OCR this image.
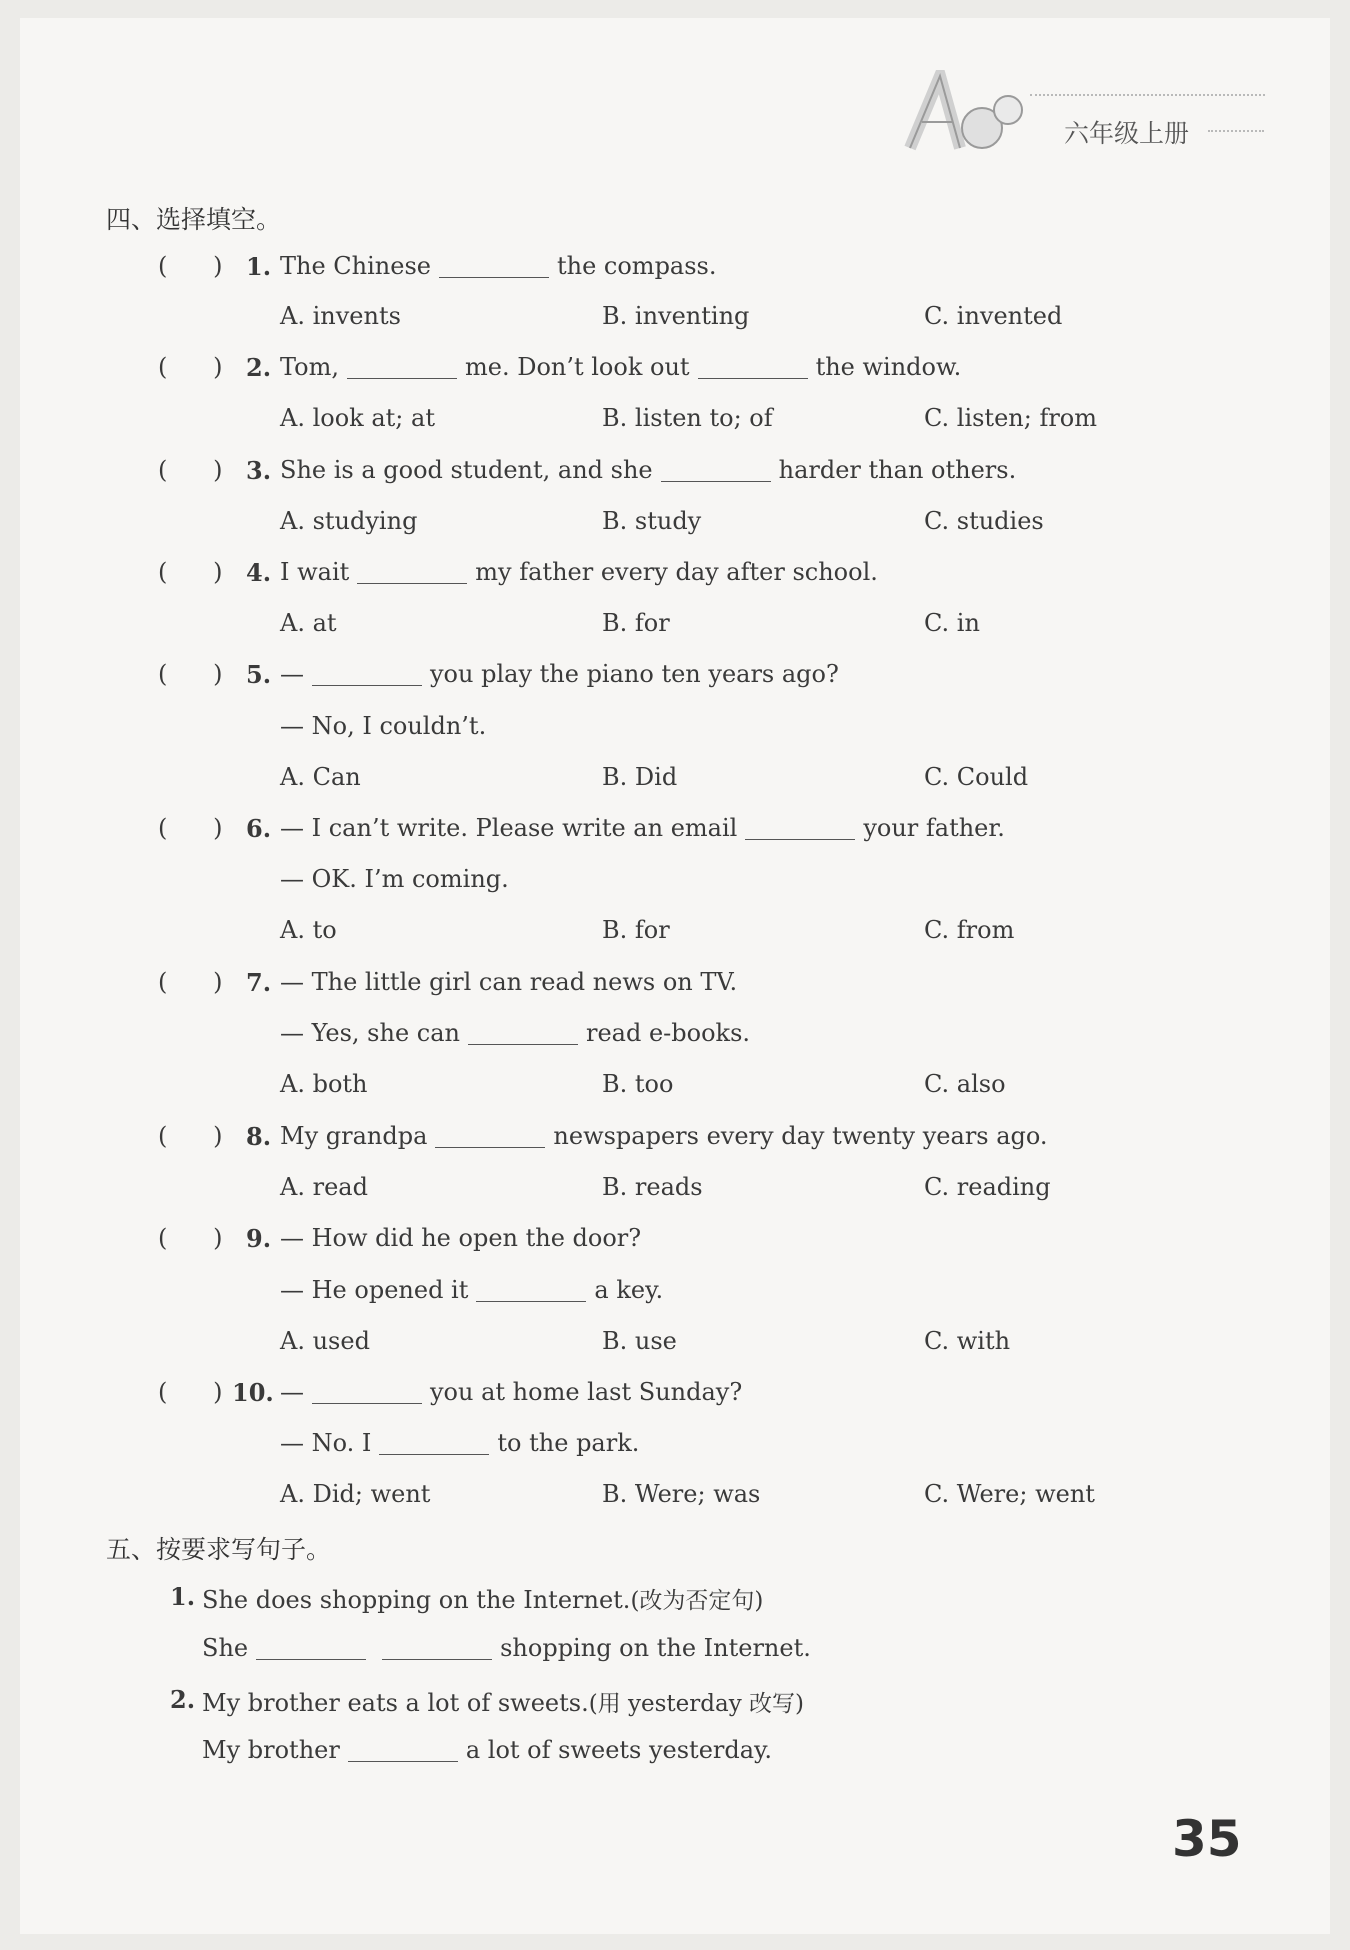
六年级上册
四、选择填空。
(      ) 1. The Chinese	the compass.
A. invents	B. inventing	C. invented
(      ) 2. Tom,	me. Don’t look out	the window.
A. look at; at	B. listen to; of	C. listen; from
(      ) 3. She is a good student, and she	harder than others.
A. studying	B. study	C. studies
(      ) 4. I wait	my father every day after school.
A. at	B. for	C. in
(      ) 5. —	you play the piano ten years ago?
— No, I couldn’t.
A. Can	B. Did	C. Could
(      ) 6. — I can’t write. Please write an email	your father.
— OK. I’m coming.
A. to	B. for	C. from
(      ) 7. — The little girl can read news on TV.
— Yes, she can	read e-books.
A. both	B. too	C. also
(      ) 8. My grandpa	newspapers every day twenty years ago.
A. read	B. reads	C. reading
(      ) 9. — How did he open the door?
— He opened it	a key.
A. used	B. use	C. with
(      ) 10. —	you at home last Sunday?
— No. I	to the park.
A. Did; went	B. Were; was	C. Were; went
五、按要求写句子。
1. She does shopping on the Internet.(改为否定句)
She	shopping on the Internet.
2. My brother eats a lot of sweets.(用 yesterday 改写)
My brother	a lot of sweets yesterday.
35
